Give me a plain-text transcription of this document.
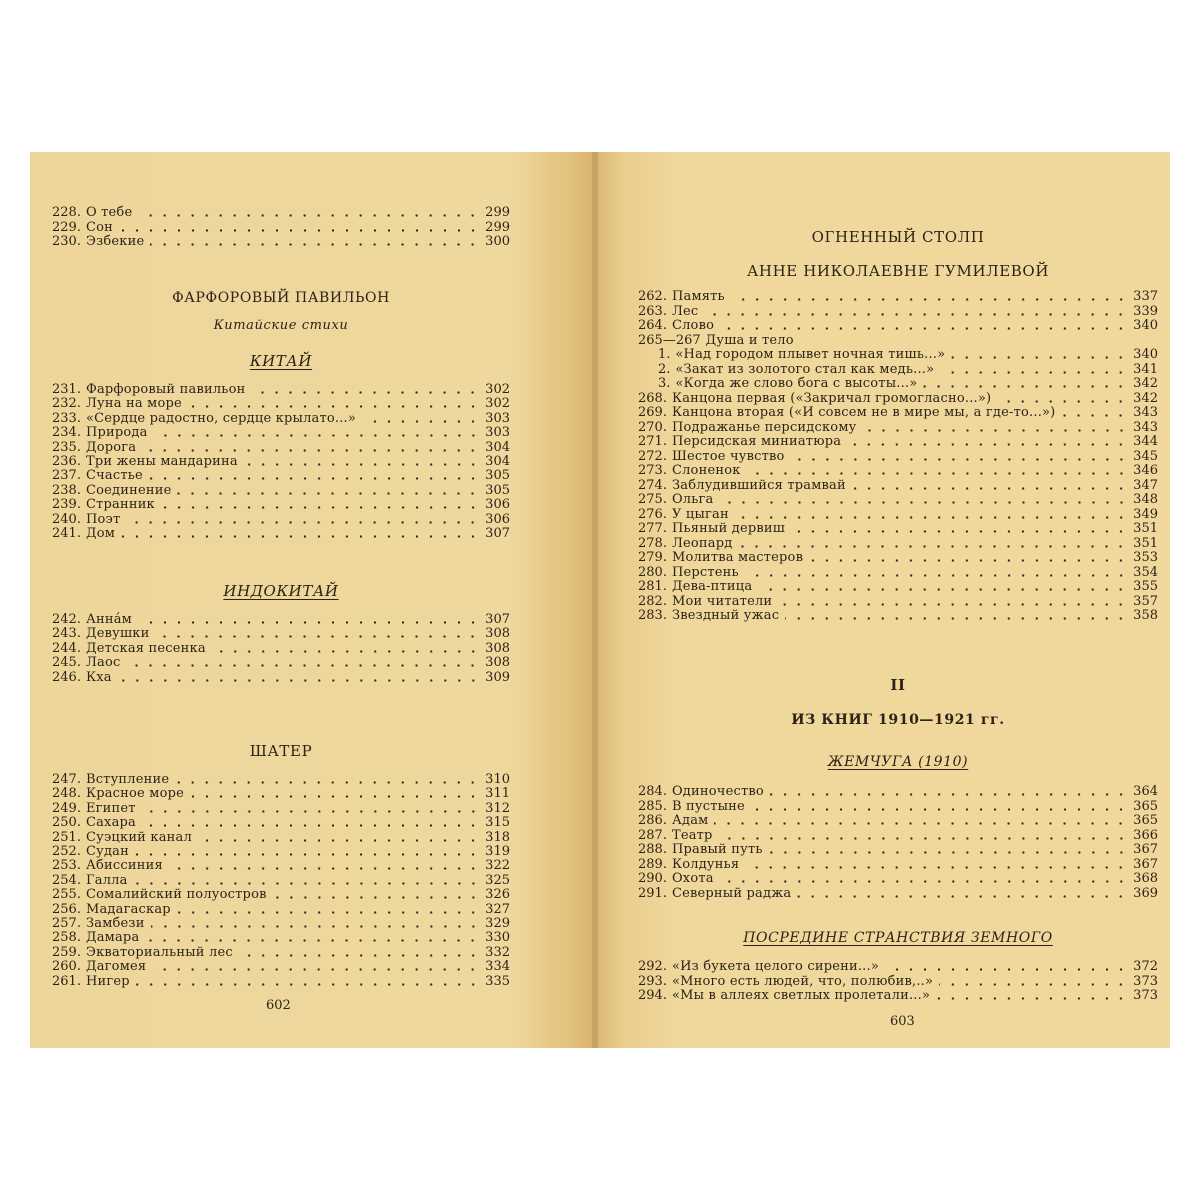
228. О тебе	299
229. Сон	299
230. Эзбекие	300
ФАРФОРОВЫЙ ПАВИЛЬОН
Китайские стихи
КИТАЙ
231. Фарфоровый павильон	302
232. Луна на море	302
233. «Сердце радостно, сердце крылато...»	303
234. Природа	303
235. Дорога	304
236. Три жены мандарина	304
237. Счастье	305
238. Соединение	305
239. Странник	306
240. Поэт	306
241. Дом	307
ИНДОКИТАЙ
242. Аннáм	307
243. Девушки	308
244. Детская песенка	308
245. Лаос	308
246. Кха	309
ШАТЕР
247. Вступление	310
248. Красное море	311
249. Египет	312
250. Сахара	315
251. Суэцкий канал	318
252. Судан	319
253. Абиссиния	322
254. Галла	325
255. Сомалийский полуостров	326
256. Мадагаскар	327
257. Замбези	329
258. Дамара	330
259. Экваториальный лес	332
260. Дагомея	334
261. Нигер	335
602
ОГНЕННЫЙ СТОЛП
АННЕ НИКОЛАЕВНЕ ГУМИЛЕВОЙ
262. Память	337
263. Лес	339
264. Слово	340
265—267 Душа и тело
1. «Над городом плывет ночная тишь...»	340
2. «Закат из золотого стал как медь...»	341
3. «Когда же слово бога с высоты...»	342
268. Канцона первая («Закричал громогласно...»)	342
269. Канцона вторая («И совсем не в мире мы, а где-то...»)	343
270. Подражанье персидскому	343
271. Персидская миниатюра	344
272. Шестое чувство	345
273. Слоненок	346
274. Заблудившийся трамвай	347
275. Ольга	348
276. У цыган	349
277. Пьяный дервиш	351
278. Леопард	351
279. Молитва мастеров	353
280. Перстень	354
281. Дева-птица	355
282. Мои читатели	357
283. Звездный ужас	358
II
ИЗ КНИГ 1910—1921 гг.
ЖЕМЧУГА (1910)
284. Одиночество	364
285. В пустыне	365
286. Адам	365
287. Театр	366
288. Правый путь	367
289. Колдунья	367
290. Охота	368
291. Северный раджа	369
ПОСРЕДИНЕ СТРАНСТВИЯ ЗЕМНОГО
292. «Из букета целого сирени...»	372
293. «Много есть людей, что, полюбив,..»	373
294. «Мы в аллеях светлых пролетали...»	373
603
